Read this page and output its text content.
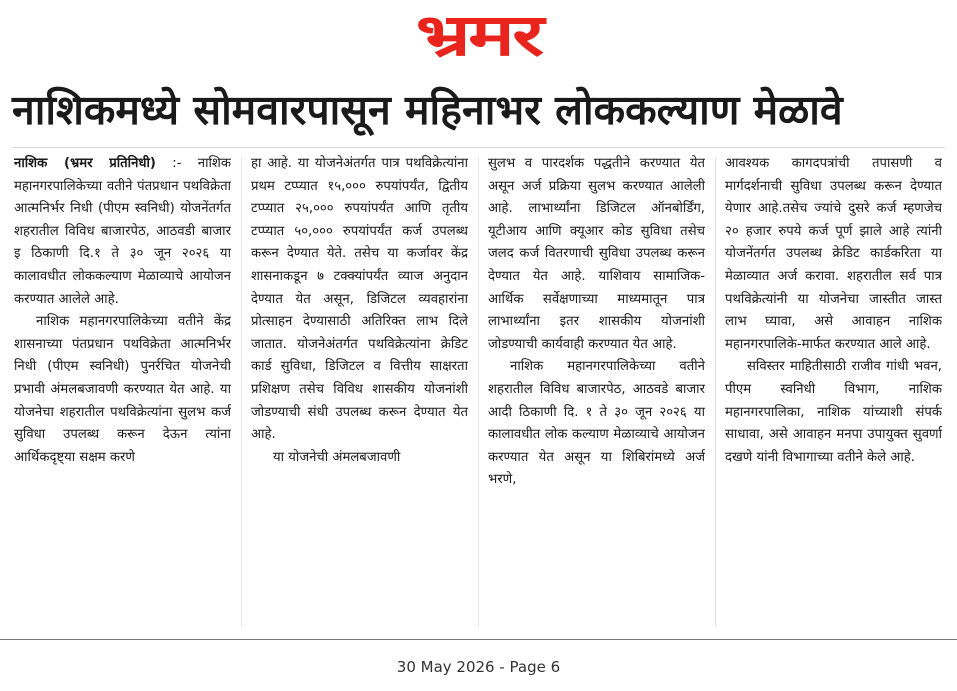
भ्रमर
नाशिकमध्ये सोमवारपासून महिनाभर लोककल्याण मेळावे

नाशिक (भ्रमर प्रतिनिधी) :- नाशिक महानगरपालिकेच्या वतीने पंतप्रधान पथविक्रेता आत्मनिर्भर निधी (पीएम स्वनिधी) योजनेंतर्गत शहरातील विविध बाजारपेठ, आठवडी बाजार इ ठिकाणी दि.१ ते ३० जून २०२६ या कालावधीत लोककल्याण मेळाव्याचे आयोजन करण्यात आलेले आहे.

नाशिक महानगरपालिकेच्या वतीने केंद्र शासनाच्या पंतप्रधान पथविक्रेता आत्मनिर्भर निधी (पीएम स्वनिधी) पुनर्रचित योजनेची प्रभावी अंमलबजावणी करण्यात येत आहे. या योजनेचा शहरातील पथविक्रेत्यांना सुलभ कर्ज सुविधा उपलब्ध करून देऊन त्यांना आर्थिकदृष्ट्या सक्षम करणे

हा आहे. या योजनेअंतर्गत पात्र पथविक्रेत्यांना प्रथम टप्प्यात १५,००० रुपयांपर्यंत, द्वितीय टप्प्यात २५,००० रुपयांपर्यंत आणि तृतीय टप्प्यात ५०,००० रुपयांपर्यंत कर्ज उपलब्ध करून देण्यात येते. तसेच या कर्जावर केंद्र शासनाकडून ७ टक्क्यांपर्यंत व्याज अनुदान देण्यात येत असून, डिजिटल व्यवहारांना प्रोत्साहन देण्यासाठी अतिरिक्त लाभ दिले जातात. योजनेअंतर्गत पथविक्रेत्यांना क्रेडिट कार्ड सुविधा, डिजिटल व वित्तीय साक्षरता प्रशिक्षण तसेच विविध शासकीय योजनांशी जोडण्याची संधी उपलब्ध करून देण्यात येत आहे.

या योजनेची अंमलबजावणी

सुलभ व पारदर्शक पद्धतीने करण्यात येत असून अर्ज प्रक्रिया सुलभ करण्यात आलेली आहे. लाभार्थ्यांना डिजिटल ऑनबोर्डिंग, यूटीआय आणि क्यूआर कोड सुविधा तसेच जलद कर्ज वितरणाची सुविधा उपलब्ध करून देण्यात येत आहे. याशिवाय सामाजिक-आर्थिक सर्वेक्षणाच्या माध्यमातून पात्र लाभार्थ्यांना इतर शासकीय योजनांशी जोडण्याची कार्यवाही करण्यात येत आहे.

नाशिक महानगरपालिकेच्या वतीने शहरातील विविध बाजारपेठ, आठवडे बाजार आदी ठिकाणी दि. १ ते ३० जून २०२६ या कालावधीत लोक कल्याण मेळाव्याचे आयोजन करण्यात येत असून या शिबिरांमध्ये अर्ज भरणे,

आवश्यक कागदपत्रांची तपासणी व मार्गदर्शनाची सुविधा उपलब्ध करून देण्यात येणार आहे.तसेच ज्यांचे दुसरे कर्ज म्हणजेच २० हजार रुपये कर्ज पूर्ण झाले आहे त्यांनी योजनेंतर्गत उपलब्ध क्रेडिट कार्डकरिता या मेळाव्यात अर्ज करावा. शहरातील सर्व पात्र पथविक्रेत्यांनी या योजनेचा जास्तीत जास्त लाभ घ्यावा, असे आवाहन नाशिक महानगरपालिके-मार्फत करण्यात आले आहे.

सविस्तर माहितीसाठी राजीव गांधी भवन, पीएम स्वनिधी विभाग, नाशिक महानगरपालिका, नाशिक यांच्याशी संपर्क साधावा, असे आवाहन मनपा उपायुक्त सुवर्णा दखणे यांनी विभागाच्या वतीने केले आहे.

30 May 2026 - Page 6
